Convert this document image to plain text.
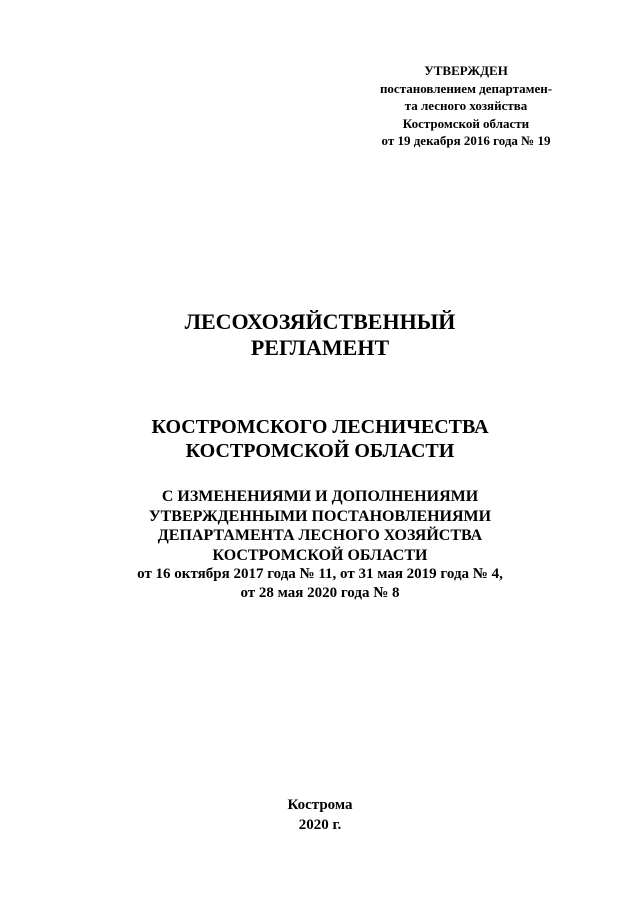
УТВЕРЖДЕН
постановлением департамен-
та лесного хозяйства
Костромской области
от 19 декабря 2016 года № 19
ЛЕСОХОЗЯЙСТВЕННЫЙ
РЕГЛАМЕНТ
КОСТРОМСКОГО ЛЕСНИЧЕСТВА
КОСТРОМСКОЙ ОБЛАСТИ
С ИЗМЕНЕНИЯМИ И ДОПОЛНЕНИЯМИ
УТВЕРЖДЕННЫМИ ПОСТАНОВЛЕНИЯМИ
ДЕПАРТАМЕНТА ЛЕСНОГО ХОЗЯЙСТВА
КОСТРОМСКОЙ ОБЛАСТИ
от 16 октября 2017 года № 11, от 31 мая 2019 года № 4,
от 28 мая 2020 года № 8
Кострома
2020 г.
